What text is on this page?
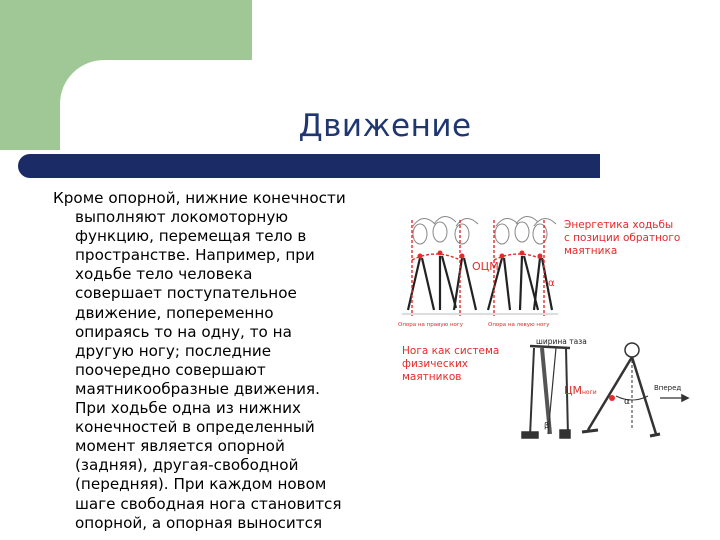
Движение
Кроме опорной, нижние конечности
выполняют локомоторную
функцию, перемещая тело в
пространстве. Например, при
ходьбе тело человека
совершает поступательное
движение, попеременно
опираясь то на одну, то на
другую ногу; последние
поочередно совершают
маятникообразные движения.
При ходьбе одна из нижних
конечностей в определенный
момент является опорной
(задняя), другая-свободной
(передняя). При каждом новом
шаге свободная нога становится
опорной, а опорная выносится
ОЦМ
α
Опора на правую ногу	Опора на левую ногу
Энергетика ходьбы
с позиции обратного
маятника
Нога как система
физических
маятников
ширина таза
ЦМ ноги
Вперед
α
β
